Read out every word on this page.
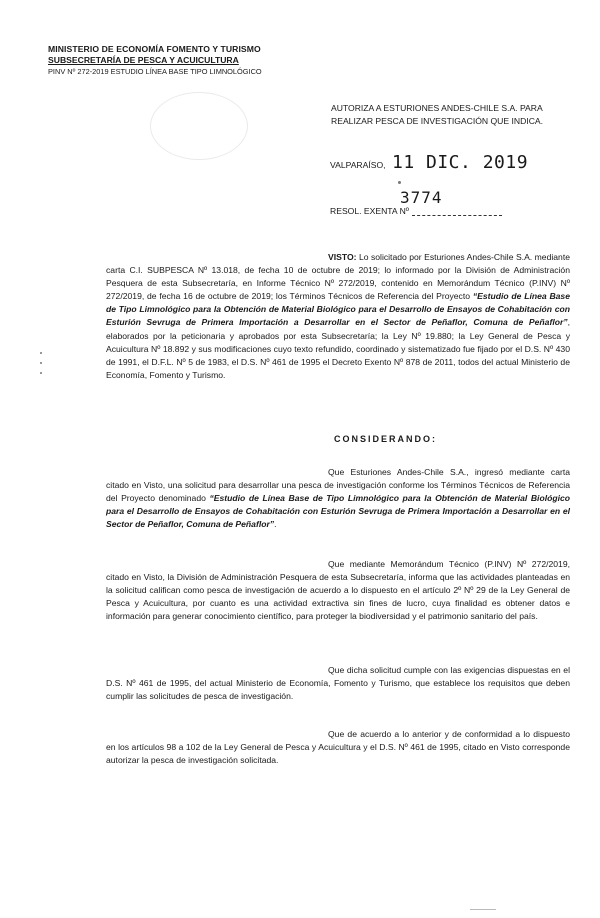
MINISTERIO DE ECONOMÍA FOMENTO Y TURISMO
SUBSECRETARÍA DE PESCA Y ACUICULTURA
PINV Nº 272-2019 ESTUDIO LÍNEA BASE TIPO LIMNOLÓGICO
AUTORIZA A ESTURIONES ANDES-CHILE S.A. PARA REALIZAR PESCA DE INVESTIGACIÓN QUE INDICA.
VALPARAÍSO, 11 DIC. 2019
3774
RESOL. EXENTA Nº
VISTO: Lo solicitado por Esturiones Andes-Chile S.A. mediante carta C.I. SUBPESCA Nº 13.018, de fecha 10 de octubre de 2019; lo informado por la División de Administración Pesquera de esta Subsecretaría, en Informe Técnico Nº 272/2019, contenido en Memorándum Técnico (P.INV) Nº 272/2019, de fecha 16 de octubre de 2019; los Términos Técnicos de Referencia del Proyecto “Estudio de Línea Base de Tipo Limnológico para la Obtención de Material Biológico para el Desarrollo de Ensayos de Cohabitación con Esturión Sevruga de Primera Importación a Desarrollar en el Sector de Peñaflor, Comuna de Peñaflor”, elaborados por la peticionaria y aprobados por esta Subsecretaría; la Ley Nº 19.880; la Ley General de Pesca y Acuicultura Nº 18.892 y sus modificaciones cuyo texto refundido, coordinado y sistematizado fue fijado por el D.S. Nº 430 de 1991, el D.F.L. Nº 5 de 1983, el D.S. Nº 461 de 1995 el Decreto Exento Nº 878 de 2011, todos del actual Ministerio de Economía, Fomento y Turismo.
CONSIDERANDO:
Que Esturiones Andes-Chile S.A., ingresó mediante carta citado en Visto, una solicitud para desarrollar una pesca de investigación conforme los Términos Técnicos de Referencia del Proyecto denominado “Estudio de Línea Base de Tipo Limnológico para la Obtención de Material Biológico para el Desarrollo de Ensayos de Cohabitación con Esturión Sevruga de Primera Importación a Desarrollar en el Sector de Peñaflor, Comuna de Peñaflor”.
Que mediante Memorándum Técnico (P.INV) Nº 272/2019, citado en Visto, la División de Administración Pesquera de esta Subsecretaría, informa que las actividades planteadas en la solicitud califican como pesca de investigación de acuerdo a lo dispuesto en el artículo 2º Nº 29 de la Ley General de Pesca y Acuicultura, por cuanto es una actividad extractiva sin fines de lucro, cuya finalidad es obtener datos e información para generar conocimiento científico, para proteger la biodiversidad y el patrimonio sanitario del país.
Que dicha solicitud cumple con las exigencias dispuestas en el D.S. Nº 461 de 1995, del actual Ministerio de Economía, Fomento y Turismo, que establece los requisitos que deben cumplir las solicitudes de pesca de investigación.
Que de acuerdo a lo anterior y de conformidad a lo dispuesto en los artículos 98 a 102 de la Ley General de Pesca y Acuicultura y el D.S. Nº 461 de 1995, citado en Visto corresponde autorizar la pesca de investigación solicitada.
